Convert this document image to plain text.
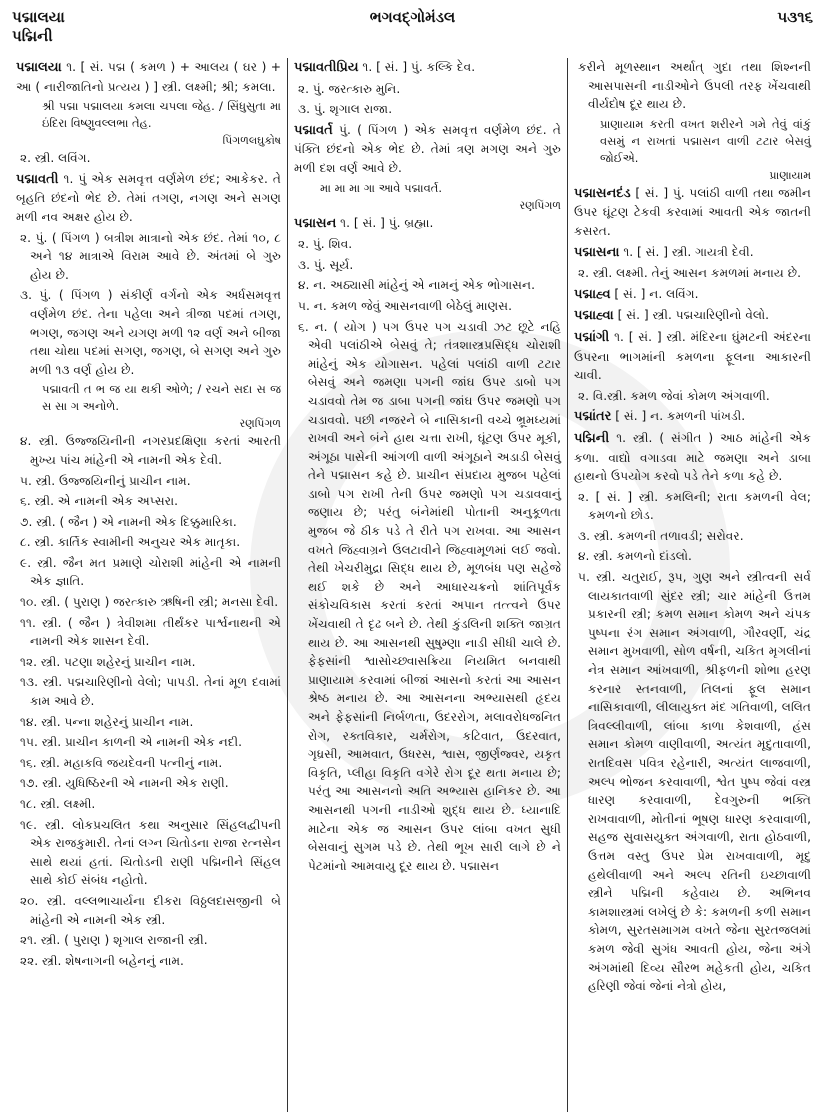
પદ્માલયા
પદ્મિની
ભગવદ્ગોમંડલ	૫૩૧૬
પદ્માલયા ૧. [ સં. પદ્મ ( કમળ ) + આલય ( ઘર ) + આ ( નારીજાતિનો પ્રત્યય ) ] સ્ત્રી. લક્ષ્મી; શ્રી; કમલા.
શ્રી પદ્મા પદ્માલયા કમલા ચપલા જેહ. / સિંધુસુતા મા ઇંદિરા વિષ્ણુવલ્લભા તેહ.
પિંગળલઘુકોષ
૨. સ્ત્રી. લવિંગ.
પદ્માવતી ૧. પું એક સમવૃત્ત વર્ણમેળ છંદ; આકેકર. તે બૃહતિ છંદનો ભેદ છે. તેમાં તગણ, નગણ અને સગણ મળી નવ અક્ષર હોય છે.
૨. પું. ( પિંગળ ) બત્રીશ માત્રાનો એક છંદ. તેમાં ૧૦, ૮ અને ૧૪ માત્રાએ વિરામ આવે છે. અંતમાં બે ગુરુ હોય છે.
૩. પું. ( પિંગળ ) સંકીર્ણ વર્ગનો એક અર્ધસમવૃત્ત વર્ણમેળ છંદ. તેના પહેલા અને ત્રીજા પદમાં તગણ, ભગણ, જગણ અને યગણ મળી ૧૨ વર્ણ અને બીજા તથા ચોથા પદમાં સગણ, જગણ, બે સગણ અને ગુરુ મળી ૧૩ વર્ણ હોય છે.
પદ્માવતી ત ભ જ યા થકી ઓળે; / રચને સદા સ જ સ સા ગ અનોળે.
રણપિંગળ
૪. સ્ત્રી. ઉજ્જયિનીની નગરપ્રદક્ષિણા કરતાં આરતી મુખ્ય પાંચ માંહેની એ નામની એક દેવી.
૫. સ્ત્રી. ઉજ્જયિનીનું પ્રાચીન નામ.
૬. સ્ત્રી. એ નામની એક અપ્સરા.
૭. સ્ત્રી. ( જૈન ) એ નામની એક દિક્કુમારિકા.
૮. સ્ત્રી. કાર્તિક સ્વામીની અનુચર એક માતૃકા.
૯. સ્ત્રી. જૈન મત પ્રમાણે ચોરાશી માંહેની એ નામની એક જ્ઞાતિ.
૧૦. સ્ત્રી. ( પુરાણ ) જરત્કારુ ઋષિની સ્ત્રી; મનસા દેવી.
૧૧. સ્ત્રી. ( જૈન ) ત્રેવીશમા તીર્થંકર પાર્શ્વનાથની એ નામની એક શાસન દેવી.
૧૨. સ્ત્રી. પટણા શહેરનું પ્રાચીન નામ.
૧૩. સ્ત્રી. પદ્મચારિણીનો વેલો; પાપડી. તેનાં મૂળ દવામાં કામ આવે છે.
૧૪. સ્ત્રી. પન્ના શહેરનું પ્રાચીન નામ.
૧૫. સ્ત્રી. પ્રાચીન કાળની એ નામની એક નદી.
૧૬. સ્ત્રી. મહાકવિ જયદેવની પત્નીનું નામ.
૧૭. સ્ત્રી. યુધિષ્ઠિરની એ નામની એક રાણી.
૧૮. સ્ત્રી. લક્ષ્મી.
૧૯. સ્ત્રી. લોકપ્રચલિત કથા અનુસાર સિંહલદ્વીપની એક રાજકુમારી. તેનાં લગ્ન ચિતોડના રાજા રત્નસેન સાથે થયાં હતાં. ચિતોડની રાણી પદ્મિનીને સિંહલ સાથે કોઈ સંબંધ નહોતો.
૨૦. સ્ત્રી. વલ્લભાચાર્યના દીકરા વિઠ્ઠલદાસજીની બે માંહેની એ નામની એક સ્ત્રી.
૨૧. સ્ત્રી. ( પુરાણ ) શૃગાલ રાજાની સ્ત્રી.
૨૨. સ્ત્રી. શેષનાગની બહેનનું નામ.
પદ્માવતીપ્રિય ૧. [ સં. ] પું. કલ્કિ દેવ.
૨. પું. જરત્કારુ મુનિ.
૩. પું. શૃગાલ રાજા.
પદ્માવર્ત પું. ( પિંગળ ) એક સમવૃત્ત વર્ણમેળ છંદ. તે પંક્તિ છંદનો એક ભેદ છે. તેમાં ત્રણ મગણ અને ગુરુ મળી દશ વર્ણ આવે છે.
મા મા મા ગા આવે પદ્માવર્ત.
રણપિંગળ
પદ્માસન ૧. [ સં. ] પું. બ્રહ્મા.
૨. પું. શિવ.
૩. પું. સૂર્ય.
૪. ન. અઠ્યાસી માંહેનું એ નામનું એક ભોગાસન.
૫. ન. કમળ જેવું આસનવાળી બેઠેલું માણસ.
૬. ન. ( યોગ ) પગ ઉપર પગ ચડાવી ઝટ છૂટે નહિ એવી પલાંઠીએ બેસવું તે; તંત્રશાસ્ત્રપ્રસિદ્ધ ચોરાશી માંહેનું એક યોગાસન. પહેલાં પલાંઠી વાળી ટટાર બેસવું અને જમણા પગની જાંઘ ઉપર ડાબો પગ ચડાવવો તેમ જ ડાબા પગની જાંઘ ઉપર જમણો પગ ચડાવવો. પછી નજરને બે નાસિકાની વચ્ચે ભ્રૂમધ્યમાં રાખવી અને બંને હાથ ચત્તા રાખી, ઘૂંટણ ઉપર મૂકી, અંગૂઠા પાસેની આંગળી વાળી અંગૂઠાને અડાડી બેસવું તેને પદ્માસન કહે છે. પ્રાચીન સંપ્રદાય મુજબ પહેલાં ડાબો પગ રાખી તેની ઉપર જમણો પગ ચડાવવાનું જણાય છે; પરંતુ બંનેમાંથી પોતાની અનુકૂળતા મુજબ જે ઠીક પડે તે રીતે પગ રાખવા. આ આસન વખતે જિહ્વાગ્રને ઉલટાવીને જિહ્વામૂળમાં લઈ જવો. તેથી ખેચરીમુદ્રા સિદ્ધ થાય છે, મૂળબંધ પણ સહેજે થઈ શકે છે અને આધારચક્રનો શાંતિપૂર્વક સંકોચવિકાસ કરતાં કરતાં અપાન તત્ત્વને ઉપર ખેંચવાથી તે દૃઢ બને છે. તેથી કુંડલિની શક્તિ જાગ્રત થાય છે. આ આસનથી સુષુમ્ણા નાડી સીધી ચાલે છે. ફેફસાંની શ્વાસોચ્છ્વાસક્રિયા નિયમિત બનવાથી પ્રાણાયામ કરવામાં બીજાં આસનો કરતાં આ આસન શ્રેષ્ઠ મનાય છે. આ આસનના અભ્યાસથી હૃદય અને ફેફસાંની નિર્બળતા, ઉદરરોગ, મલાવરોધજનિત રોગ, રક્તવિકાર, ચર્મરોગ, કટિવાત, ઉદરવાત, ગૃધ્રસી, આમવાત, ઉધરસ, શ્વાસ, જીર્ણજ્વર, યકૃત વિકૃતિ, પ્લીહા વિકૃતિ વગેરે રોગ દૂર થતા મનાય છે; પરંતુ આ આસનનો અતિ અભ્યાસ હાનિકર છે. આ આસનથી પગની નાડીઓ શુદ્ધ થાય છે. ધ્યાનાદિ માટેના એક જ આસન ઉપર લાંબા વખત સુધી બેસવાનું સુગમ પડે છે. તેથી ભૂખ સારી લાગે છે ને પેટમાંનો આમવાયુ દૂર થાય છે. પદ્માસન
કરીને મૂળસ્થાન અર્થાત્ ગુદા તથા શિશ્નની આસપાસની નાડીઓને ઉપલી તરફ ખેંચવાથી વીર્યદોષ દૂર થાય છે.
પ્રાણાયામ કરતી વખત શરીરને ગમે તેવું વાંકું વસમું ન રાખતાં પદ્માસન વાળી ટટાર બેસવું જોઈએ.
પ્રાણાયામ
પદ્માસનદંડ [ સં. ] પું. પલાંઠી વાળી તથા જમીન ઉપર ઘૂંટણ ટેકવી કરવામાં આવતી એક જાતની કસરત.
પદ્માસના ૧. [ સં. ] સ્ત્રી. ગાયત્રી દેવી.
૨. સ્ત્રી. લક્ષ્મી. તેનું આસન કમળમાં મનાય છે.
પદ્માહ્વ [ સં. ] ન. લવિંગ.
પદ્માહ્વા [ સં. ] સ્ત્રી. પદ્મચારિણીનો વેલો.
પદ્માંગી ૧. [ સં. ] સ્ત્રી. મંદિરના ઘુંમટની અંદરના ઉપરના ભાગમાંની કમળના ફૂલના આકારની ચાવી.
૨. વિ.સ્ત્રી. કમળ જેવાં કોમળ અંગવાળી.
પદ્માંતર [ સં. ] ન. કમળની પાંખડી.
પદ્મિની ૧. સ્ત્રી. ( સંગીત ) આઠ માંહેની એક કળા. વાદ્યો વગાડવા માટે જમણા અને ડાબા હાથનો ઉપયોગ કરવો પડે તેને કળા કહે છે.
૨. [ સં. ] સ્ત્રી. કમલિની; રાતા કમળની વેલ; કમળનો છોડ.
૩. સ્ત્રી. કમળની તળાવડી; સરોવર.
૪. સ્ત્રી. કમળનો દાંડલો.
૫. સ્ત્રી. ચતુરાઈ, રૂપ, ગુણ અને સ્ત્રીત્વની સર્વ લાયકાતવાળી સુંદર સ્ત્રી; ચાર માંહેની ઉત્તમ પ્રકારની સ્ત્રી; કમળ સમાન કોમળ અને ચંપક પુષ્પના રંગ સમાન અંગવાળી, ગૌરવર્ણી, ચંદ્ર સમાન મુખવાળી, સોળ વર્ષની, ચકિત મૃગલીનાં નેત્ર સમાન આંખવાળી, શ્રીફળની શોભા હરણ કરનાર સ્તનવાળી, તિલનાં ફૂલ સમાન નાસિકાવાળી, લીલાયુક્ત મંદ ગતિવાળી, લલિત ત્રિવલ્લીવાળી, લાંબા કાળા કેશવાળી, હંસ સમાન કોમળ વાણીવાળી, અત્યંત મૃદુતાવાળી, રાતદિવસ પવિત્ર રહેનારી, અત્યંત લાજવાળી, અલ્પ ભોજન કરવાવાળી, શ્વેત પુષ્પ જેવાં વસ્ત્ર ધારણ કરવાવાળી, દેવગુરુની ભક્તિ રાખવાવાળી, મોતીનાં ભૂષણ ધારણ કરવાવાળી, સહજ સુવાસયુક્ત અંગવાળી, રાતા હોઠવાળી, ઉત્તમ વસ્તુ ઉપર પ્રેમ રાખવાવાળી, મૃદુ હથેલીવાળી અને અલ્પ રતિની ઇચ્છાવાળી સ્ત્રીને પદ્મિની કહેવાય છે. અભિનવ કામશાસ્ત્રમાં લખેલું છે કે: કમળની કળી સમાન કોમળ, સુરતસમાગમ વખતે જેના સુરતજલમાં કમળ જેવી સુગંધ આવતી હોય, જેના અંગે અંગમાંથી દિવ્ય સૌરભ મહેકતી હોય, ચકિત હરિણી જેવાં જેનાં નેત્રો હોય,
